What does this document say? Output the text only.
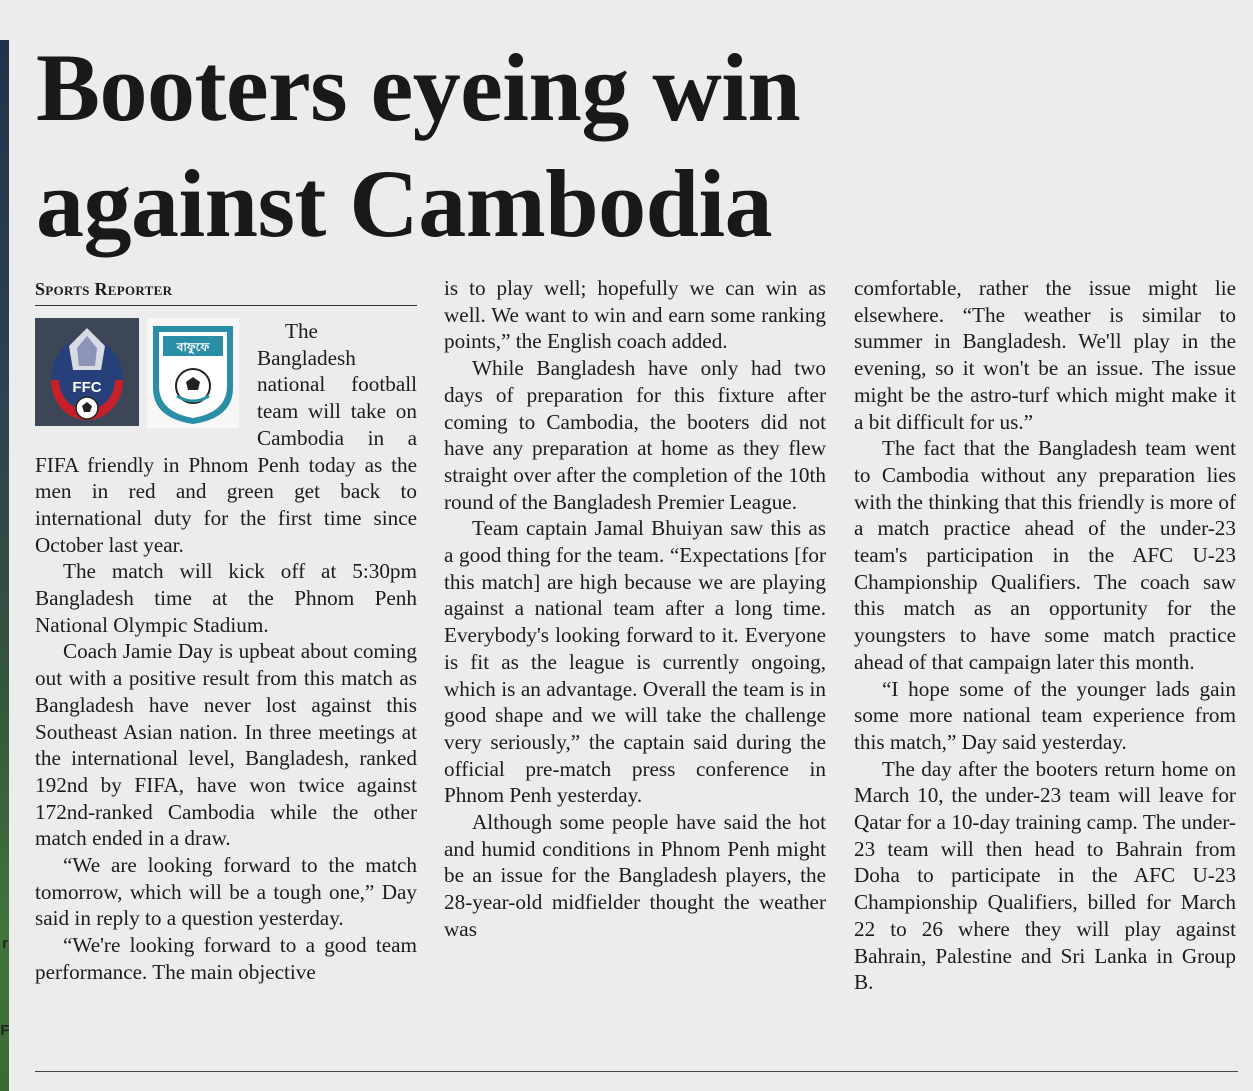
r
F
Booters eyeing win
against Cambodia
Sports Reporter
FFC
বাফুফে

The Bangladesh national football team will take on Cambodia in a FIFA friendly in Phnom Penh today as the men in red and green get back to international duty for the first time since October last year.

The match will kick off at 5:30pm Bangladesh time at the Phnom Penh National Olympic Stadium.

Coach Jamie Day is upbeat about coming out with a positive result from this match as Bangladesh have never lost against this Southeast Asian nation. In three meetings at the international level, Bangladesh, ranked 192nd by FIFA, have won twice against 172nd-ranked Cambodia while the other match ended in a draw.

“We are looking forward to the match tomorrow, which will be a tough one,” Day said in reply to a question yesterday.

“We're looking forward to a good team performance. The main objective

is to play well; hopefully we can win as well. We want to win and earn some ranking points,” the English coach added.

While Bangladesh have only had two days of preparation for this fixture after coming to Cambodia, the booters did not have any preparation at home as they flew straight over after the completion of the 10th round of the Bangladesh Premier League.

Team captain Jamal Bhuiyan saw this as a good thing for the team. “Expectations [for this match] are high because we are playing against a national team after a long time. Everybody's looking forward to it. Everyone is fit as the league is currently ongoing, which is an advantage. Overall the team is in good shape and we will take the challenge very seriously,” the captain said during the official pre-match press conference in Phnom Penh yesterday.

Although some people have said the hot and humid conditions in Phnom Penh might be an issue for the Bangladesh players, the 28-year-old midfielder thought the weather was

comfortable, rather the issue might lie elsewhere. “The weather is similar to summer in Bangladesh. We'll play in the evening, so it won't be an issue. The issue might be the astro-turf which might make it a bit difficult for us.”

The fact that the Bangladesh team went to Cambodia without any preparation lies with the thinking that this friendly is more of a match practice ahead of the under-23 team's participation in the AFC U-23 Championship Qualifiers. The coach saw this match as an opportunity for the youngsters to have some match practice ahead of that campaign later this month.

“I hope some of the younger lads gain some more national team experience from this match,” Day said yesterday.

The day after the booters return home on March 10, the under-23 team will leave for Qatar for a 10-day training camp. The under-23 team will then head to Bahrain from Doha to participate in the AFC U-23 Championship Qualifiers, billed for March 22 to 26 where they will play against Bahrain, Palestine and Sri Lanka in Group B.
